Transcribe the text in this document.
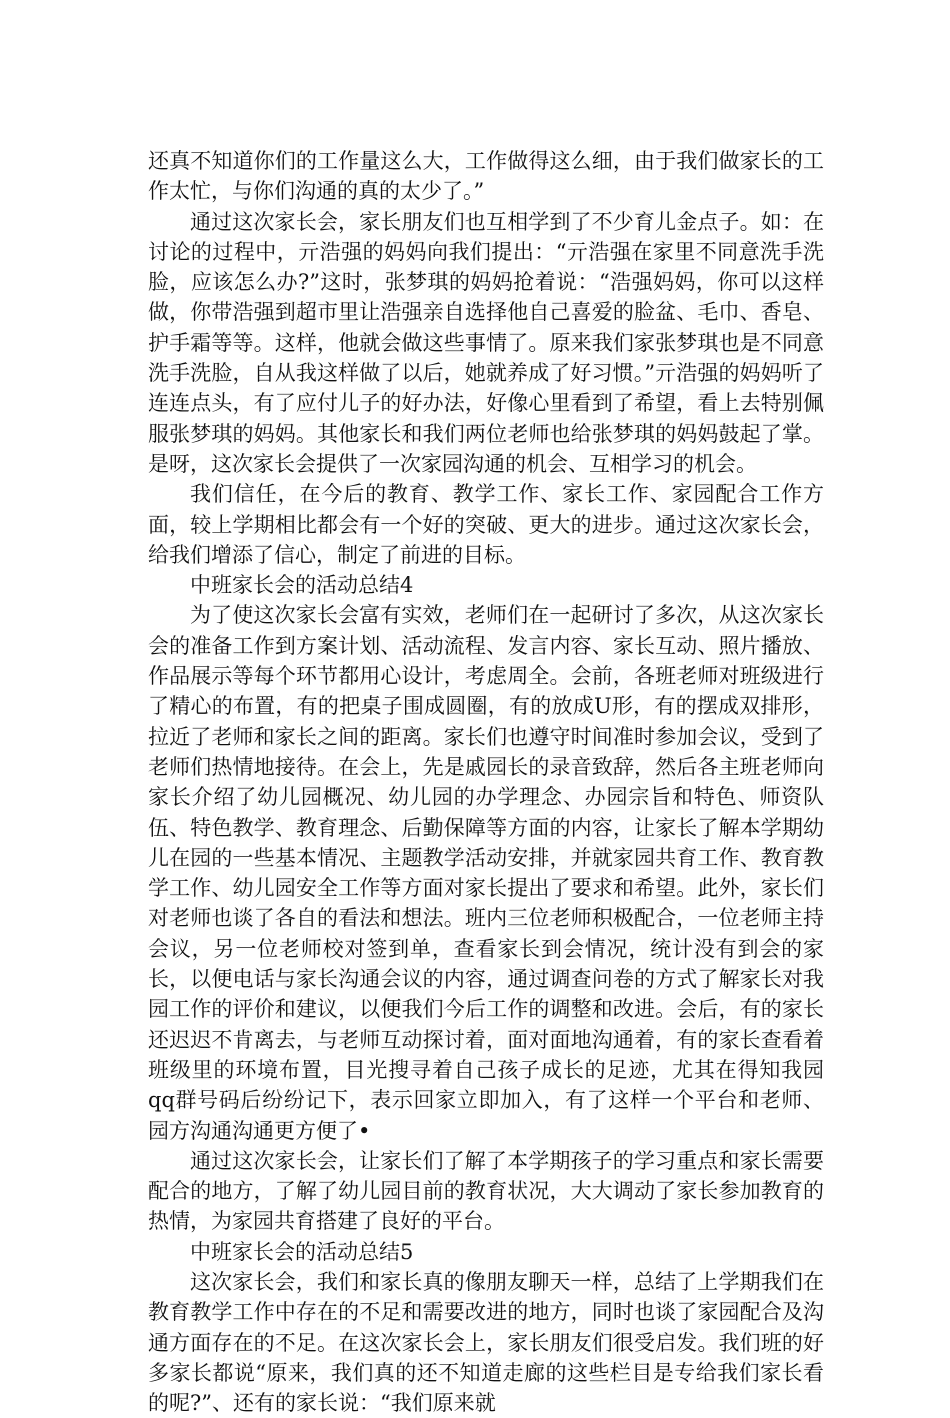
还真不知道你们的工作量这么大，工作做得这么细，由于我们做家长的工作太忙，与你们沟通的真的太少了。”

通过这次家长会，家长朋友们也互相学到了不少育儿金点子。如：在讨论的过程中，亓浩强的妈妈向我们提出：“亓浩强在家里不同意洗手洗脸，应该怎么办?”这时，张梦琪的妈妈抢着说：“浩强妈妈，你可以这样做，你带浩强到超市里让浩强亲自选择他自己喜爱的脸盆、毛巾、香皂、护手霜等等。这样，他就会做这些事情了。原来我们家张梦琪也是不同意洗手洗脸，自从我这样做了以后，她就养成了好习惯。”亓浩强的妈妈听了连连点头，有了应付儿子的好办法，好像心里看到了希望，看上去特别佩服张梦琪的妈妈。其他家长和我们两位老师也给张梦琪的妈妈鼓起了掌。是呀，这次家长会提供了一次家园沟通的机会、互相学习的机会。

我们信任，在今后的教育、教学工作、家长工作、家园配合工作方面，较上学期相比都会有一个好的突破、更大的进步。通过这次家长会，给我们增添了信心，制定了前进的目标。

中班家长会的活动总结4

为了使这次家长会富有实效，老师们在一起研讨了多次，从这次家长会的准备工作到方案计划、活动流程、发言内容、家长互动、照片播放、作品展示等每个环节都用心设计，考虑周全。会前，各班老师对班级进行了精心的布置，有的把桌子围成圆圈，有的放成U形，有的摆成双排形，拉近了老师和家长之间的距离。家长们也遵守时间准时参加会议，受到了老师们热情地接待。在会上，先是戚园长的录音致辞，然后各主班老师向家长介绍了幼儿园概况、幼儿园的办学理念、办园宗旨和特色、师资队伍、特色教学、教育理念、后勤保障等方面的内容，让家长了解本学期幼儿在园的一些基本情况、主题教学活动安排，并就家园共育工作、教育教学工作、幼儿园安全工作等方面对家长提出了要求和希望。此外，家长们对老师也谈了各自的看法和想法。班内三位老师积极配合，一位老师主持会议，另一位老师校对签到单，查看家长到会情况，统计没有到会的家长，以便电话与家长沟通会议的内容，通过调查问卷的方式了解家长对我园工作的评价和建议，以便我们今后工作的调整和改进。会后，有的家长还迟迟不肯离去，与老师互动探讨着，面对面地沟通着，有的家长查看着班级里的环境布置，目光搜寻着自己孩子成长的足迹，尤其在得知我园qq群号码后纷纷记下，表示回家立即加入，有了这样一个平台和老师、园方沟通沟通更方便了•

通过这次家长会，让家长们了解了本学期孩子的学习重点和家长需要配合的地方，了解了幼儿园目前的教育状况，大大调动了家长参加教育的热情，为家园共育搭建了良好的平台。

中班家长会的活动总结5

这次家长会，我们和家长真的像朋友聊天一样，总结了上学期我们在教育教学工作中存在的不足和需要改进的地方，同时也谈了家园配合及沟通方面存在的不足。在这次家长会上，家长朋友们很受启发。我们班的好多家长都说“原来，我们真的还不知道走廊的这些栏目是专给我们家长看的呢?”、还有的家长说：“我们原来就
